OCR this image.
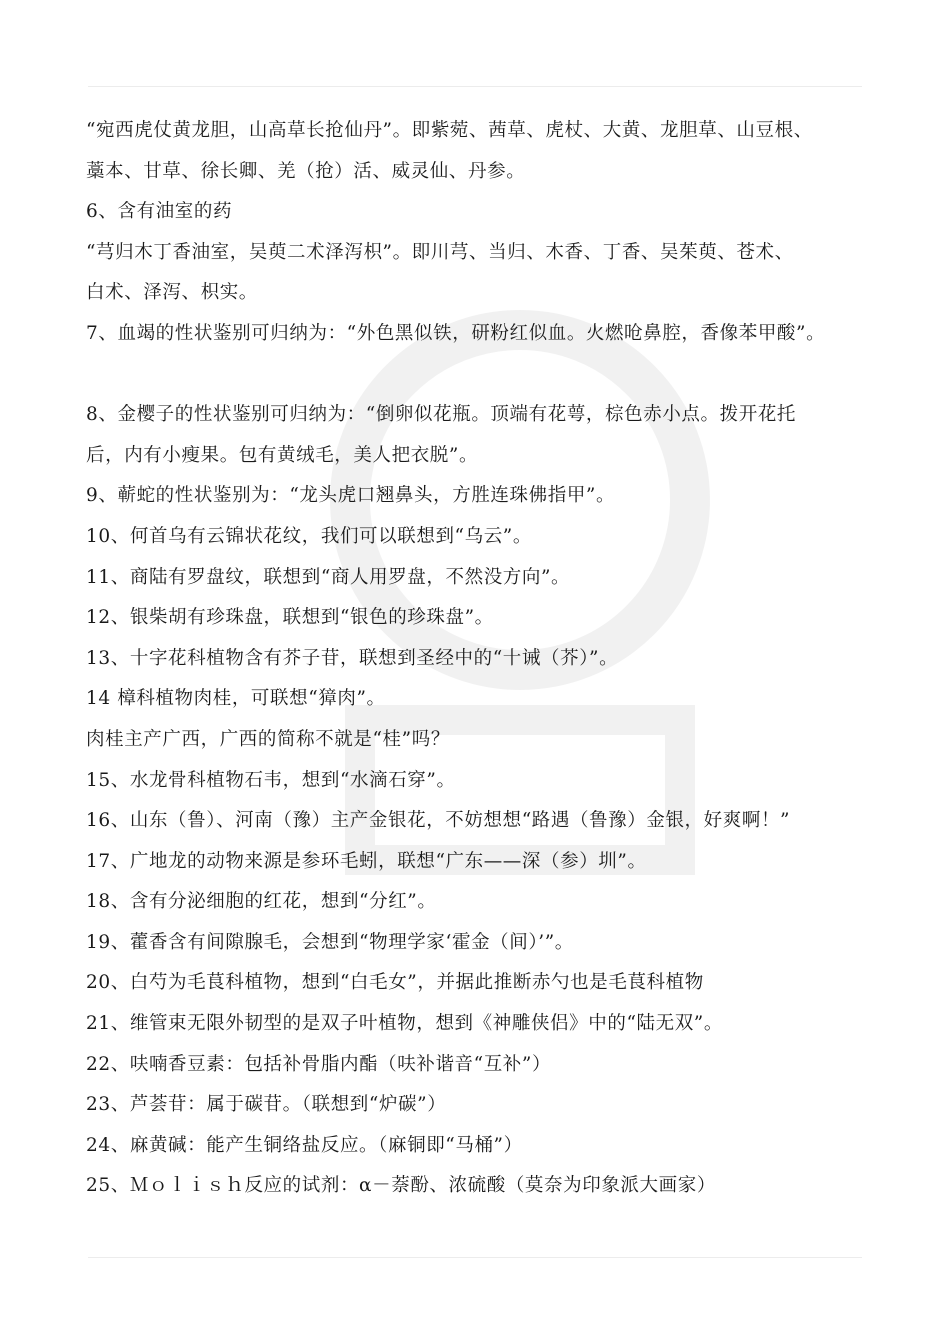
“宛西虎仗黄龙胆，山高草长抢仙丹”。即紫菀、茜草、虎杖、大黄、龙胆草、山豆根、
藁本、甘草、徐长卿、羌（抢）活、威灵仙、丹参。
6、含有油室的药
“芎归木丁香油室，吴萸二术泽泻枳”。即川芎、当归、木香、丁香、吴茱萸、苍术、
白术、泽泻、枳实。
7、血竭的性状鉴别可归纳为：“外色黑似铁，研粉红似血。火燃呛鼻腔，香像苯甲酸”。
8、金樱子的性状鉴别可归纳为：“倒卵似花瓶。顶端有花萼，棕色赤小点。拨开花托
后，内有小瘦果。包有黄绒毛，美人把衣脱”。
9、蕲蛇的性状鉴别为：“龙头虎口翘鼻头，方胜连珠佛指甲”。
10、何首乌有云锦状花纹，我们可以联想到“乌云”。
11、商陆有罗盘纹，联想到“商人用罗盘，不然没方向”。
12、银柴胡有珍珠盘，联想到“银色的珍珠盘”。
13、十字花科植物含有芥子苷，联想到圣经中的“十诫（芥）”。
14 樟科植物肉桂，可联想“獐肉”。
肉桂主产广西，广西的简称不就是“桂”吗？
15、水龙骨科植物石韦，想到“水滴石穿”。
16、山东（鲁）、河南（豫）主产金银花，不妨想想“路遇（鲁豫）金银，好爽啊！”
17、广地龙的动物来源是参环毛蚓，联想“广东——深（参）圳”。
18、含有分泌细胞的红花，想到“分红”。
19、藿香含有间隙腺毛，会想到“物理学家‘霍金（间）’”。
20、白芍为毛茛科植物，想到“白毛女”，并据此推断赤勺也是毛茛科植物
21、维管束无限外韧型的是双子叶植物，想到《神雕侠侣》中的“陆无双”。
22、呋喃香豆素：包括补骨脂内酯（呋补谐音“互补”）
23、芦荟苷：属于碳苷。（联想到“炉碳”）
24、麻黄碱：能产生铜络盐反应。（麻铜即“马桶”）
25、Ｍｏｌｉｓｈ反应的试剂：α－萘酚、浓硫酸（莫奈为印象派大画家）
